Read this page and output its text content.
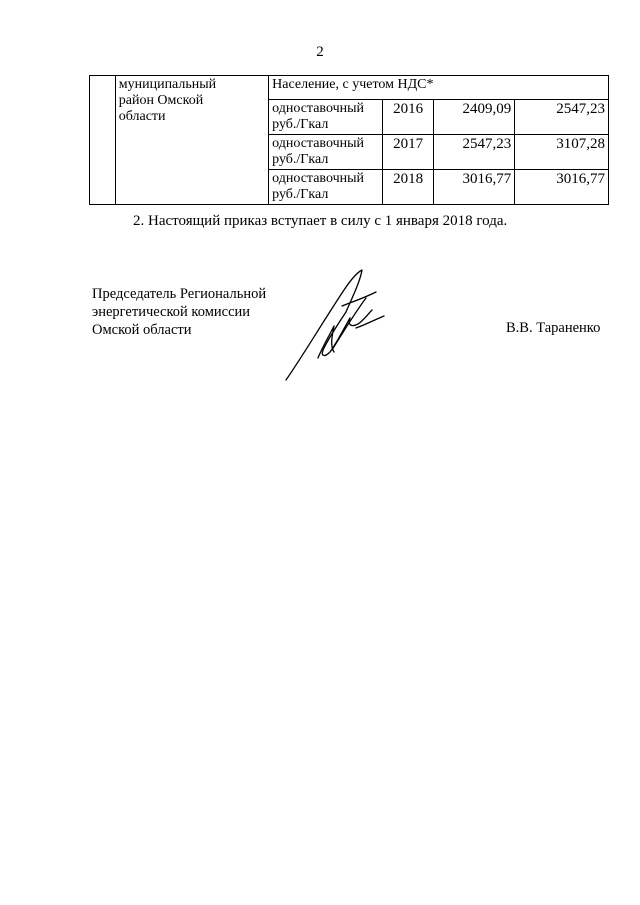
2

	муниципальный
район Омской
области	Население, с учетом НДС*			

		одноставочный
руб./Гкал	2016	2409,09	2547,23

		одноставочный
руб./Гкал	2017	2547,23	3107,28

		одноставочный
руб./Гкал	2018	3016,77	3016,77
2. Настоящий приказ вступает в силу с 1 января 2018 года.
Председатель Региональной
энергетической комиссии
Омской области	В.В. Тараненко
